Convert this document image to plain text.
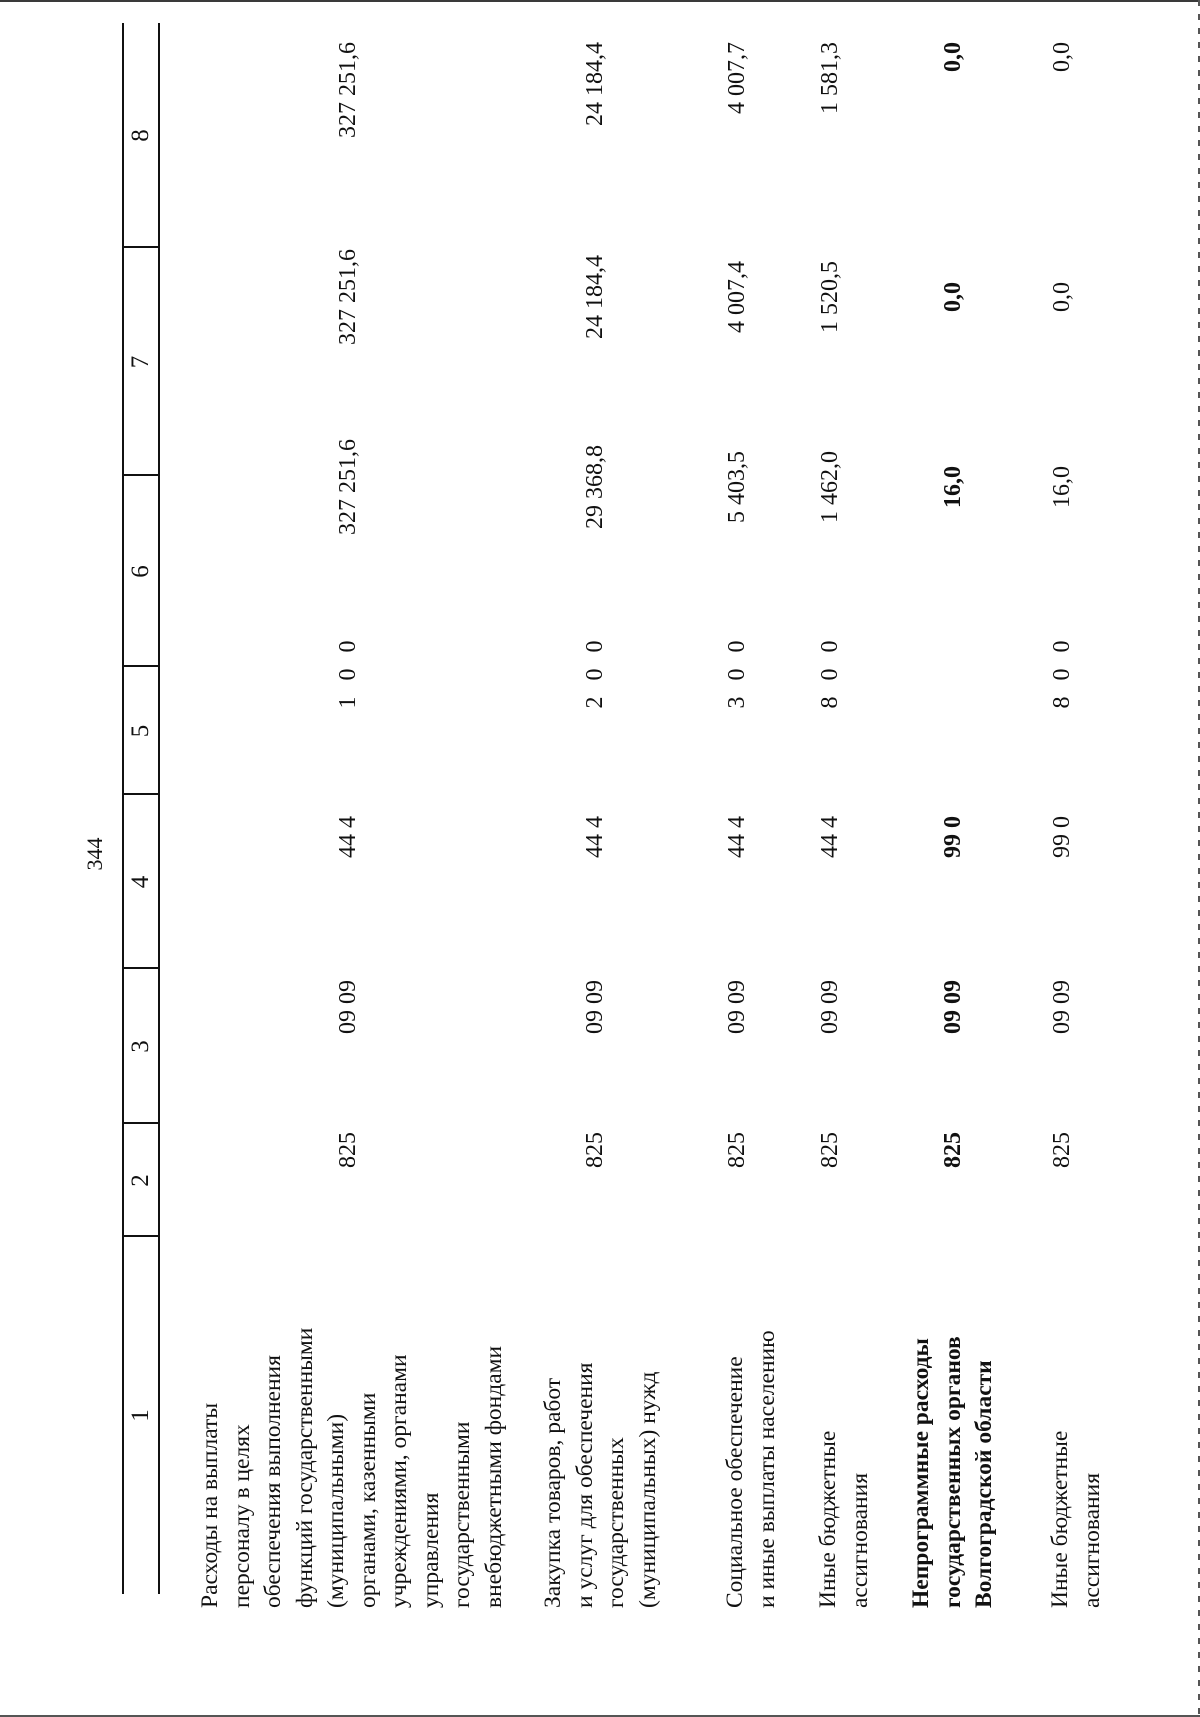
344
1
2
3
4
5
6
7
8
Расходы на выплаты персоналу в целях обеспечения выполнения функций государственными (муниципальными) органами, казенными учреждениями, органами управления государственными внебюджетными фондами
825
09 09
44 4
1 0 0
327 251,6
327 251,6
327 251,6
Закупка товаров, работ и услуг для обеспечения государственных (муниципальных) нужд
825
09 09
44 4
2 0 0
29 368,8
24 184,4
24 184,4
Социальное обеспечение и иные выплаты населению
825
09 09
44 4
3 0 0
5 403,5
4 007,4
4 007,7
Иные бюджетные ассигнования
825
09 09
44 4
8 0 0
1 462,0
1 520,5
1 581,3
Непрограммные расходы государственных органов Волгоградской области
825
09 09
99 0
16,0
0,0
0,0
Иные бюджетные ассигнования
825
09 09
99 0
8 0 0
16,0
0,0
0,0
